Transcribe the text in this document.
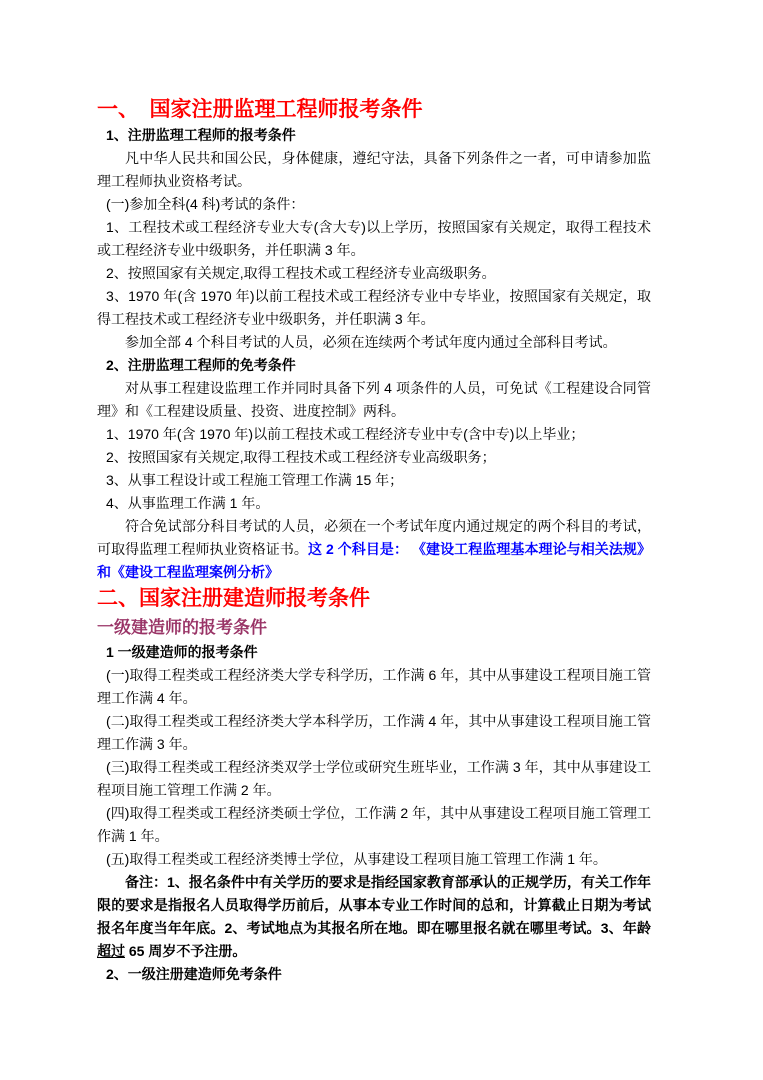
一、　国家注册监理工程师报考条件

1、注册监理工程师的报考条件

凡中华人民共和国公民，身体健康，遵纪守法，具备下列条件之一者，可申请参加监理工程师执业资格考试。

(一)参加全科(4 科)考试的条件：

1、工程技术或工程经济专业大专(含大专)以上学历，按照国家有关规定，取得工程技术或工程经济专业中级职务，并任职满 3 年。

2、按照国家有关规定,取得工程技术或工程经济专业高级职务。

3、1970 年(含 1970 年)以前工程技术或工程经济专业中专毕业，按照国家有关规定，取得工程技术或工程经济专业中级职务，并任职满 3 年。

参加全部 4 个科目考试的人员，必须在连续两个考试年度内通过全部科目考试。

2、注册监理工程师的免考条件

对从事工程建设监理工作并同时具备下列 4 项条件的人员，可免试《工程建设合同管理》和《工程建设质量、投资、进度控制》两科。

1、1970 年(含 1970 年)以前工程技术或工程经济专业中专(含中专)以上毕业；

2、按照国家有关规定,取得工程技术或工程经济专业高级职务；

3、从事工程设计或工程施工管理工作满 15 年；

4、从事监理工作满 1 年。

符合免试部分科目考试的人员，必须在一个考试年度内通过规定的两个科目的考试，可取得监理工程师执业资格证书。这 2 个科目是： 《建设工程监理基本理论与相关法规》和《建设工程监理案例分析》

二、国家注册建造师报考条件
一级建造师的报考条件

1 一级建造师的报考条件

(一)取得工程类或工程经济类大学专科学历，工作满 6 年，其中从事建设工程项目施工管理工作满 4 年。

(二)取得工程类或工程经济类大学本科学历，工作满 4 年，其中从事建设工程项目施工管理工作满 3 年。

(三)取得工程类或工程经济类双学士学位或研究生班毕业，工作满 3 年，其中从事建设工程项目施工管理工作满 2 年。

(四)取得工程类或工程经济类硕士学位，工作满 2 年，其中从事建设工程项目施工管理工作满 1 年。

(五)取得工程类或工程经济类博士学位，从事建设工程项目施工管理工作满 1 年。

备注：1、报名条件中有关学历的要求是指经国家教育部承认的正规学历，有关工作年限的要求是指报名人员取得学历前后，从事本专业工作时间的总和，计算截止日期为考试报名年度当年年底。2、考试地点为其报名所在地。即在哪里报名就在哪里考试。3、年龄超过 65 周岁不予注册。

2、一级注册建造师免考条件
